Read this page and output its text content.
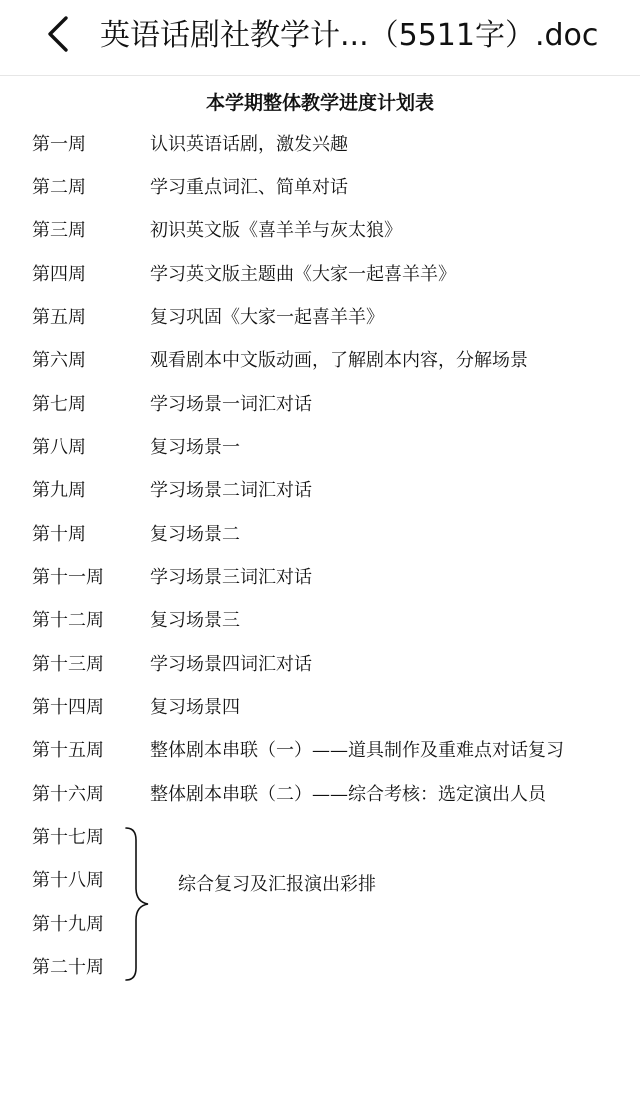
英语话剧社教学计...（5511字）.doc
本学期整体教学进度计划表
第一周	认识英语话剧，激发兴趣
第二周	学习重点词汇、简单对话
第三周	初识英文版《喜羊羊与灰太狼》
第四周	学习英文版主题曲《大家一起喜羊羊》
第五周	复习巩固《大家一起喜羊羊》
第六周	观看剧本中文版动画，了解剧本内容，分解场景
第七周	学习场景一词汇对话
第八周	复习场景一
第九周	学习场景二词汇对话
第十周	复习场景二
第十一周	学习场景三词汇对话
第十二周	复习场景三
第十三周	学习场景四词汇对话
第十四周	复习场景四
第十五周	整体剧本串联（一）——道具制作及重难点对话复习
第十六周	整体剧本串联（二）——综合考核：选定演出人员
第十七周
第十八周
第十九周
第二十周
综合复习及汇报演出彩排
